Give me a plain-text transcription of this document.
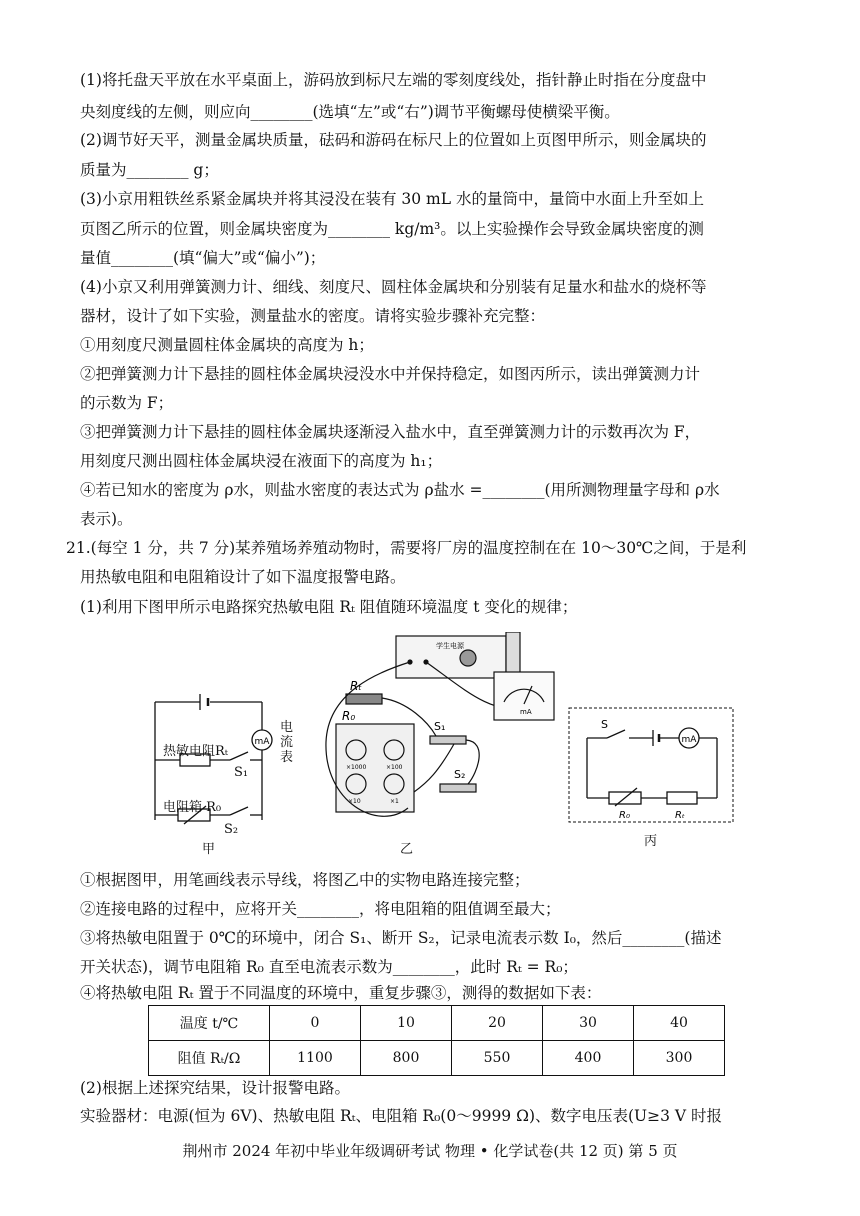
(1)将托盘天平放在水平桌面上，游码放到标尺左端的零刻度线处，指针静止时指在分度盘中
央刻度线的左侧，则应向________(选填“左”或“右”)调节平衡螺母使横梁平衡。
(2)调节好天平，测量金属块质量，砝码和游码在标尺上的位置如上页图甲所示，则金属块的
质量为________ g；
(3)小京用粗铁丝系紧金属块并将其浸没在装有 30 mL 水的量筒中，量筒中水面上升至如上
页图乙所示的位置，则金属块密度为________ kg/m³。以上实验操作会导致金属块密度的测
量值________(填“偏大”或“偏小”)；
(4)小京又利用弹簧测力计、细线、刻度尺、圆柱体金属块和分别装有足量水和盐水的烧杯等
器材，设计了如下实验，测量盐水的密度。请将实验步骤补充完整：
①用刻度尺测量圆柱体金属块的高度为 h；
②把弹簧测力计下悬挂的圆柱体金属块浸没水中并保持稳定，如图丙所示，读出弹簧测力计
的示数为 F；
③把弹簧测力计下悬挂的圆柱体金属块逐渐浸入盐水中，直至弹簧测力计的示数再次为 F，
用刻度尺测出圆柱体金属块浸在液面下的高度为 h₁；
④若已知水的密度为 ρ水，则盐水密度的表达式为 ρ盐水 =________(用所测物理量字母和 ρ水
表示)。
21.(每空 1 分，共 7 分)某养殖场养殖动物时，需要将厂房的温度控制在在 10～30℃之间，于是利
用热敏电阻和电阻箱设计了如下温度报警电路。
(1)利用下图甲所示电路探究热敏电阻 Rₜ 阻值随环境温度 t 变化的规律；
mA
热敏电阻Rₜ
电阻箱 R₀
S₁
S₂
电流表
甲
学生电源
Rₜ
R₀
S₁
S₂
×1000	×100
×10	×1
mA
乙
mA
S
R₀	Rₜ
丙
①根据图甲，用笔画线表示导线，将图乙中的实物电路连接完整；
②连接电路的过程中，应将开关________，将电阻箱的阻值调至最大；
③将热敏电阻置于 0℃的环境中，闭合 S₁、断开 S₂，记录电流表示数 I₀，然后________(描述
开关状态)，调节电阻箱 R₀ 直至电流表示数为________，此时 Rₜ = R₀；
温度 t/℃	0	10	20	30	40
阻值 Rₜ/Ω	1100	800	550	400	300
④将热敏电阻 Rₜ 置于不同温度的环境中，重复步骤③，测得的数据如下表：
(2)根据上述探究结果，设计报警电路。
实验器材：电源(恒为 6V)、热敏电阻 Rₜ、电阻箱 R₀(0～9999 Ω)、数字电压表(U≥3 V 时报
荆州市 2024 年初中毕业年级调研考试 物理 • 化学试卷(共 12 页) 第 5 页
